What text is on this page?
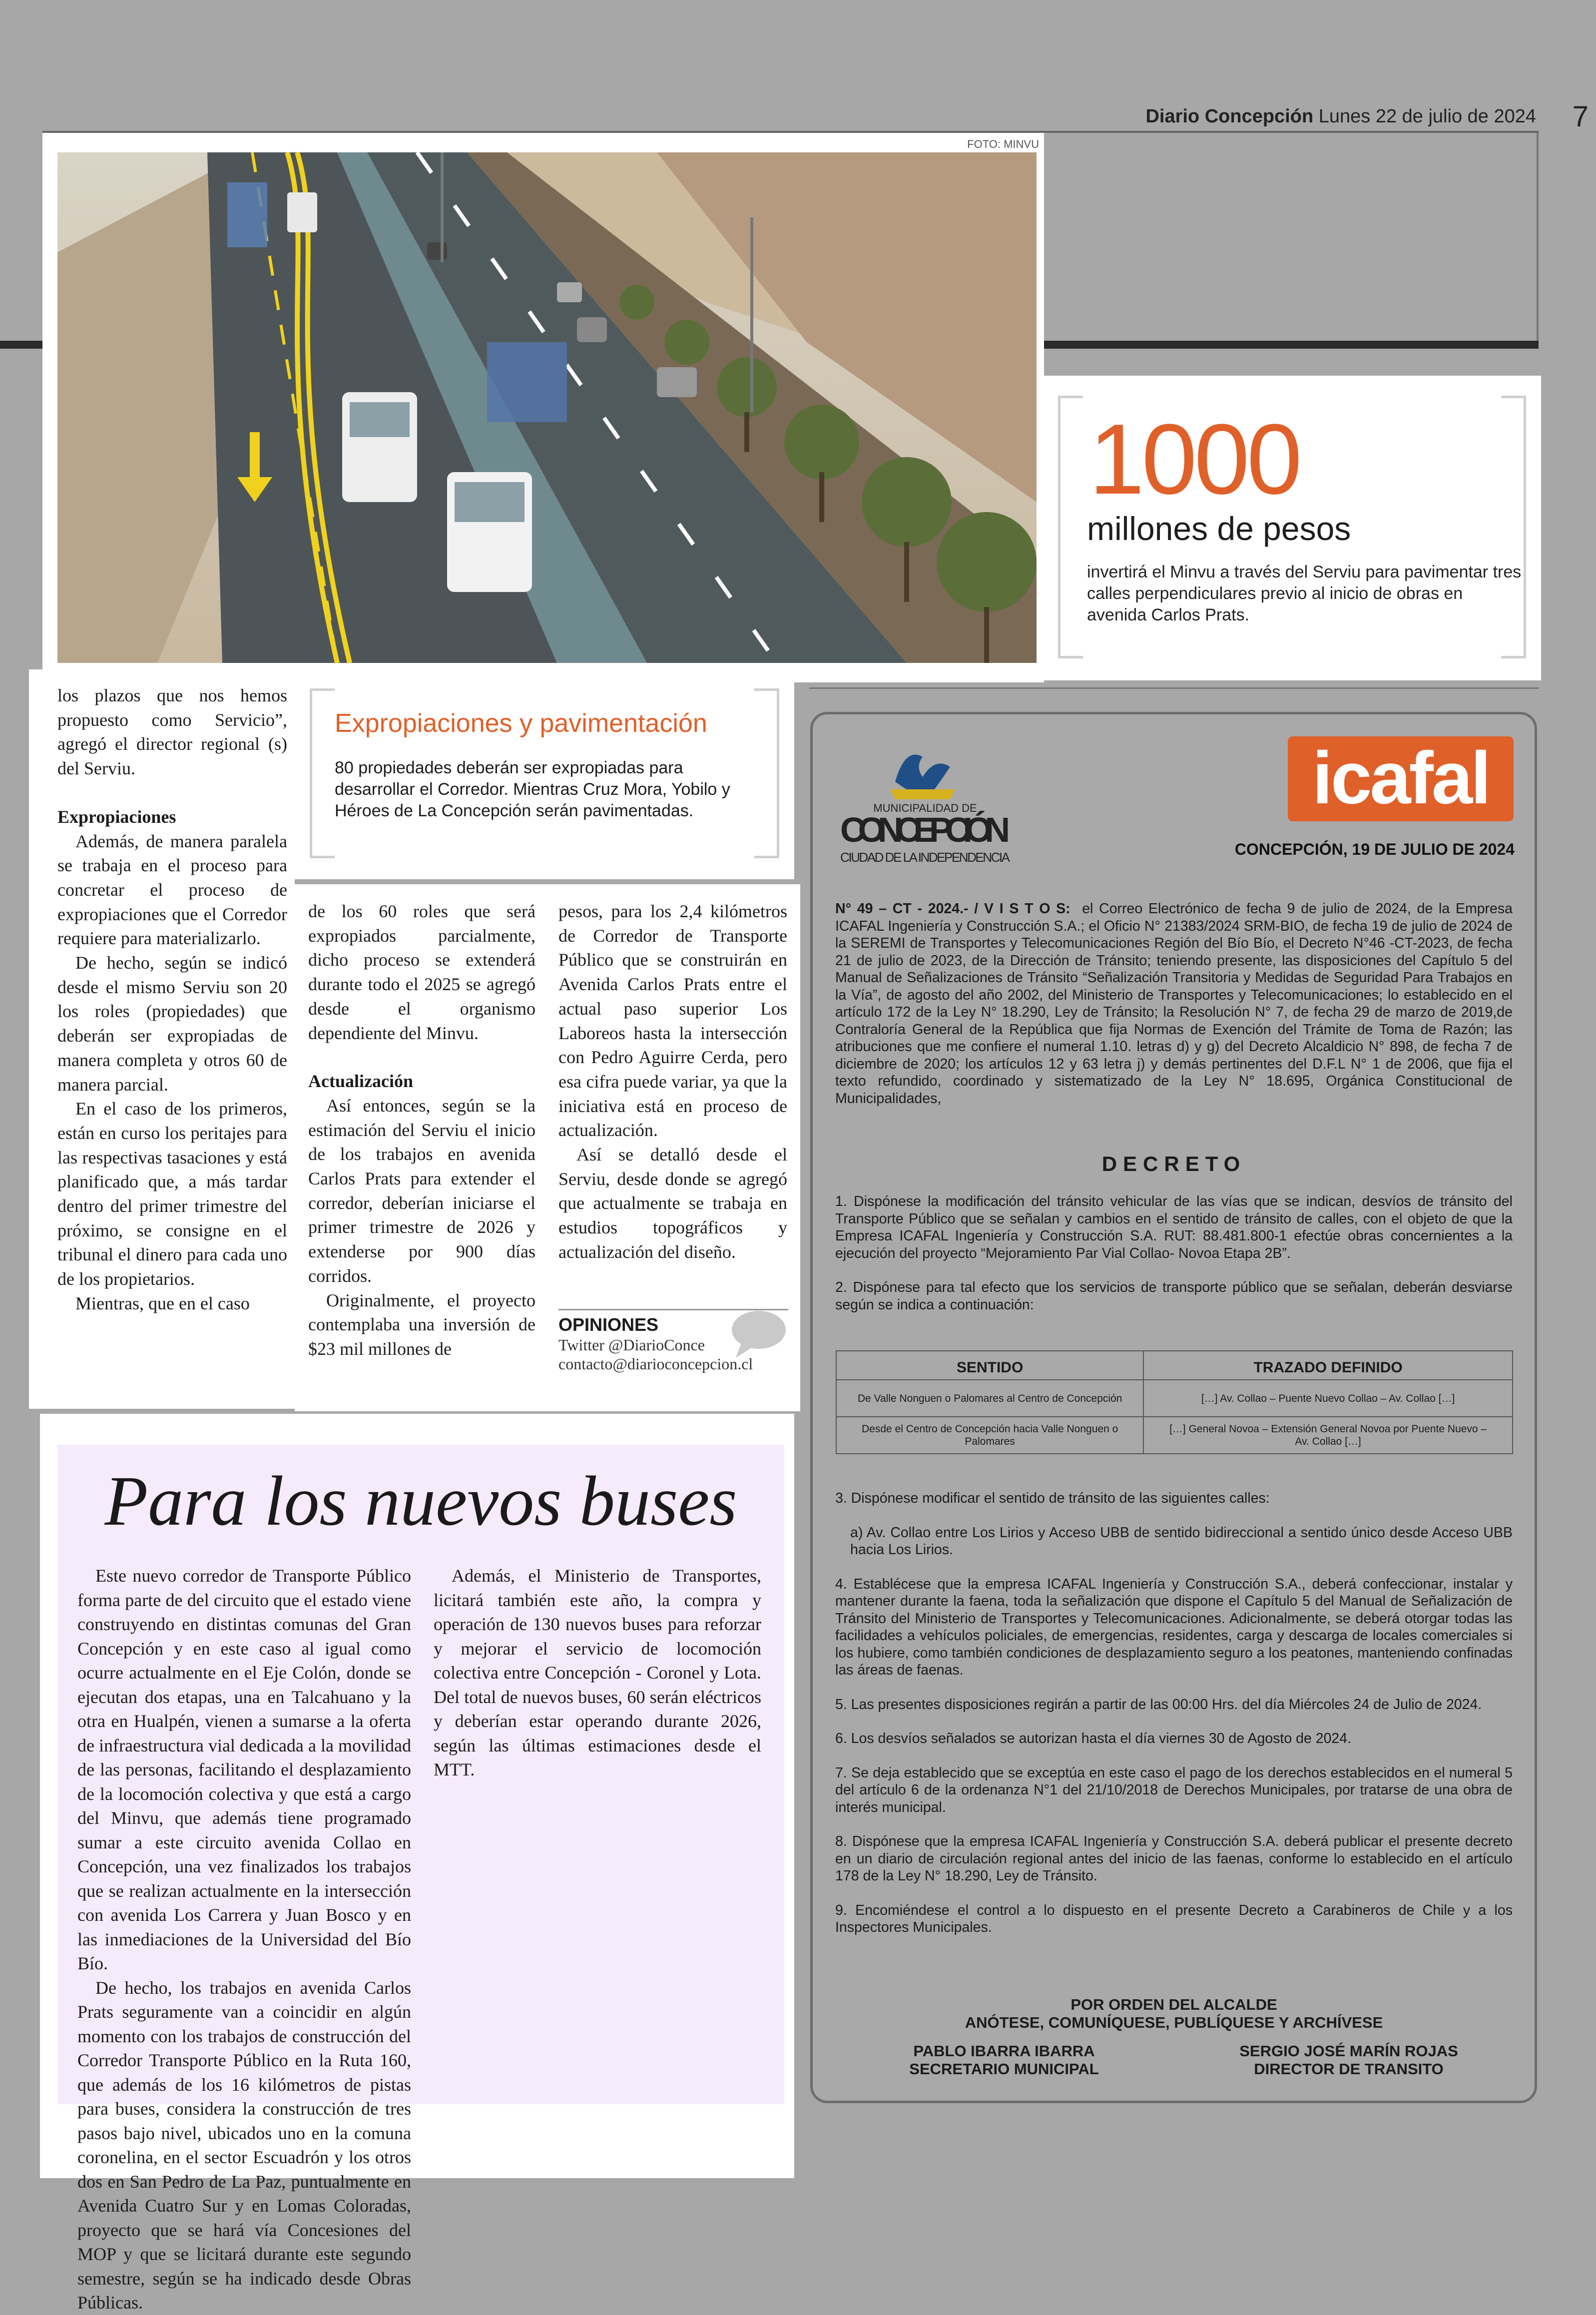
Diario Concepción Lunes 22 de julio de 2024 7
FOTO: MINVU
1000
millones de pesos
invertirá el Minvu a través del Serviu para pavimentar tres calles perpendiculares previo al inicio de obras en avenida Carlos Prats.
Expropiaciones y pavimentación
80 propiedades deberán ser expropiadas para desarrollar el Corredor. Mientras Cruz Mora, Yobilo y Héroes de La Concepción serán pavimentadas.

los plazos que nos hemos propuesto como Servicio”, agregó el director regional (s) del Serviu.

Expropiaciones

Además, de manera paralela se trabaja en el proceso para concretar el proceso de expropiaciones que el Corredor requiere para materializarlo.

De hecho, según se indicó desde el mismo Serviu son 20 los roles (propiedades) que deberán ser expropiadas de manera completa y otros 60 de manera parcial.

En el caso de los primeros, están en curso los peritajes para las respectivas tasaciones y está planificado que, a más tardar dentro del primer trimestre del próximo, se consigne en el tribunal el dinero para cada uno de los propietarios.

Mientras, que en el caso

de los 60 roles que será expropiados parcialmente, dicho proceso se extenderá durante todo el 2025 se agregó desde el organismo dependiente del Minvu.

Actualización

Así entonces, según se la estimación del Serviu el inicio de los trabajos en avenida Carlos Prats para extender el corredor, deberían iniciarse el primer trimestre de 2026 y extenderse por 900 días corridos.

Originalmente, el proyecto contemplaba una inversión de $23 mil millones de

pesos, para los 2,4 kilómetros de Corredor de Transporte Público que se construirán en Avenida Carlos Prats entre el actual paso superior Los Laboreos hasta la intersección con Pedro Aguirre Cerda, pero esa cifra puede variar, ya que la iniciativa está en proceso de actualización.

Así se detalló desde el Serviu, desde donde se agregó que actualmente se trabaja en estudios topográficos y actualización del diseño.

OPINIONES
Twitter @DiarioConce
contacto@diarioconcepcion.cl
Para los nuevos buses

Este nuevo corredor de Transporte Público forma parte de del circuito que el estado viene construyendo en distintas comunas del Gran Concepción y en este caso al igual como ocurre actualmente en el Eje Colón, donde se ejecutan dos etapas, una en Talcahuano y la otra en Hualpén, vienen a sumarse a la oferta de infraestructura vial dedicada a la movilidad de las personas, facilitando el desplazamiento de la locomoción colectiva y que está a cargo del Minvu, que además tiene programado sumar a este circuito avenida Collao en Concepción, una vez finalizados los trabajos que se realizan actualmente en la intersección con avenida Los Carrera y Juan Bosco y en las inmediaciones de la Universidad del Bío Bío.

De hecho, los trabajos en avenida Carlos Prats seguramente van a coincidir en algún momento con los trabajos de construcción del Corredor Transporte Público en la Ruta 160, que además de los 16 kilómetros de pistas para buses, considera la construcción de tres pasos bajo nivel, ubicados uno en la comuna coronelina, en el sector Escuadrón y los otros dos en San Pedro de La Paz, puntualmente en Avenida Cuatro Sur y en Lomas Coloradas, proyecto que se hará vía Concesiones del MOP y que se licitará durante este segundo semestre, según se ha indicado desde Obras Públicas.

Además, el Ministerio de Transportes, licitará también este año, la compra y operación de 130 nuevos buses para reforzar y mejorar el servicio de locomoción colectiva entre Concepción - Coronel y Lota. Del total de nuevos buses, 60 serán eléctricos y deberían estar operando durante 2026, según las últimas estimaciones desde el MTT.

MUNICIPALIDAD DE
CONCEPCIÓN
CIUDAD DE LA INDEPENDENCIA
icafal
CONCEPCIÓN, 19 DE JULIO DE 2024
N° 49 – CT - 2024.- / V I S T O S: el Correo Electrónico de fecha 9 de julio de 2024, de la Empresa ICAFAL Ingeniería y Construcción S.A.; el Oficio N° 21383/2024 SRM-BIO, de fecha 19 de julio de 2024 de la SEREMI de Transportes y Telecomunicaciones Región del Bío Bío, el Decreto N°46 -CT-2023, de fecha 21 de julio de 2023, de la Dirección de Tránsito; teniendo presente, las disposiciones del Capítulo 5 del Manual de Señalizaciones de Tránsito “Señalización Transitoria y Medidas de Seguridad Para Trabajos en la Vía”, de agosto del año 2002, del Ministerio de Transportes y Telecomunicaciones; lo establecido en el artículo 172 de la Ley N° 18.290, Ley de Tránsito; la Resolución N° 7, de fecha 29 de marzo de 2019,de Contraloría General de la República que fija Normas de Exención del Trámite de Toma de Razón; las atribuciones que me confiere el numeral 1.10. letras d) y g) del Decreto Alcaldicio N° 898, de fecha 7 de diciembre de 2020; los artículos 12 y 63 letra j) y demás pertinentes del D.F.L N° 1 de 2006, que fija el texto refundido, coordinado y sistematizado de la Ley N° 18.695, Orgánica Constitucional de Municipalidades,
DECRETO

1. Dispónese la modificación del tránsito vehicular de las vías que se indican, desvíos de tránsito del Transporte Público que se señalan y cambios en el sentido de tránsito de calles, con el objeto de que la Empresa ICAFAL Ingeniería y Construcción S.A. RUT: 88.481.800-1 efectúe obras concernientes a la ejecución del proyecto “Mejoramiento Par Vial Collao- Novoa Etapa 2B”.

2. Dispónese para tal efecto que los servicios de transporte público que se señalan, deberán desviarse según se indica a continuación:

SENTIDO	TRAZADO DEFINIDO
De Valle Nonguen o Palomares al Centro de Concepción	[…] Av. Collao – Puente Nuevo Collao – Av. Collao […]
Desde el Centro de Concepción hacia Valle Nonguen o Palomares	[…] General Novoa – Extensión General Novoa por Puente Nuevo – Av. Collao […]

3. Dispónese modificar el sentido de tránsito de las siguientes calles:

a) Av. Collao entre Los Lirios y Acceso UBB de sentido bidireccional a sentido único desde Acceso UBB hacia Los Lirios.

4. Establécese que la empresa ICAFAL Ingeniería y Construcción S.A., deberá confeccionar, instalar y mantener durante la faena, toda la señalización que dispone el Capítulo 5 del Manual de Señalización de Tránsito del Ministerio de Transportes y Telecomunicaciones. Adicionalmente, se deberá otorgar todas las facilidades a vehículos policiales, de emergencias, residentes, carga y descarga de locales comerciales si los hubiere, como también condiciones de desplazamiento seguro a los peatones, manteniendo confinadas las áreas de faenas.

5. Las presentes disposiciones regirán a partir de las 00:00 Hrs. del día Miércoles 24 de Julio de 2024.

6. Los desvíos señalados se autorizan hasta el día viernes 30 de Agosto de 2024.

7. Se deja establecido que se exceptúa en este caso el pago de los derechos establecidos en el numeral 5 del artículo 6 de la ordenanza N°1 del 21/10/2018 de Derechos Municipales, por tratarse de una obra de interés municipal.

8. Dispónese que la empresa ICAFAL Ingeniería y Construcción S.A. deberá publicar el presente decreto en un diario de circulación regional antes del inicio de las faenas, conforme lo establecido en el artículo 178 de la Ley N° 18.290, Ley de Tránsito.

9. Encomiéndese el control a lo dispuesto en el presente Decreto a Carabineros de Chile y a los Inspectores Municipales.

POR ORDEN DEL ALCALDE
ANÓTESE, COMUNÍQUESE, PUBLÍQUESE Y ARCHÍVESE
PABLO IBARRA IBARRA
SECRETARIO MUNICIPAL
SERGIO JOSÉ MARÍN ROJAS
DIRECTOR DE TRANSITO
